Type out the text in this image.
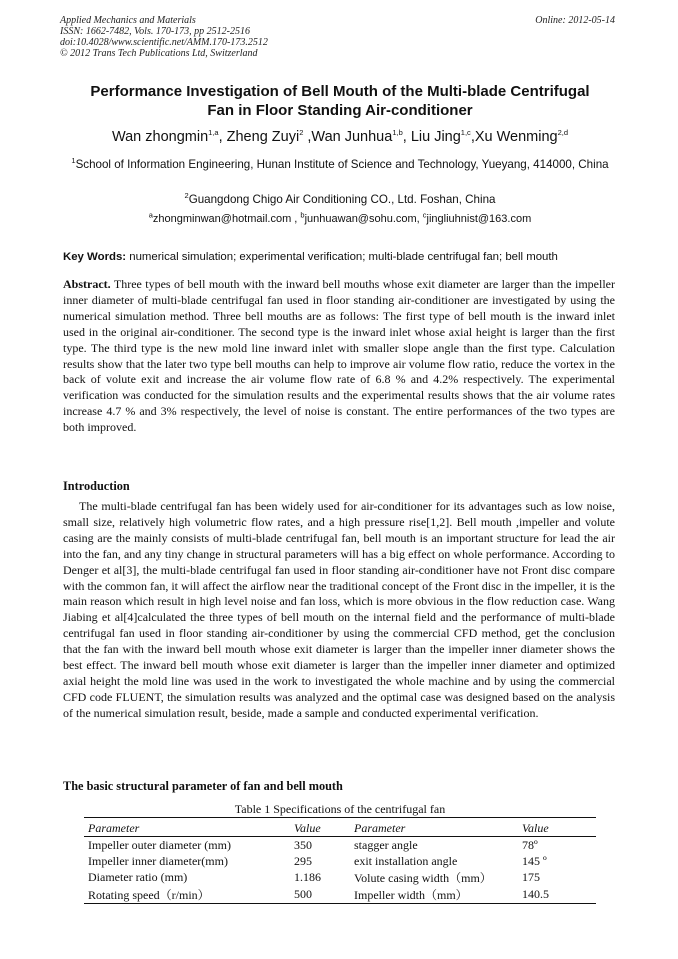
Applied Mechanics and Materials
ISSN: 1662-7482, Vols. 170-173, pp 2512-2516
doi:10.4028/www.scientific.net/AMM.170-173.2512
© 2012 Trans Tech Publications Ltd, Switzerland
Online: 2012-05-14
Performance Investigation of Bell Mouth of the Multi-blade Centrifugal
Fan in Floor Standing Air-conditioner
Wan zhongmin$^{1,a}$, Zheng Zuyi$^2$ ,Wan Junhua$^{1,b}$, Liu Jing$^{1,c}$,Xu Wenming$^{2,d}$
$^1$School of Information Engineering, Hunan Institute of Science and Technology, Yueyang, 414000, China
$^2$Guangdong Chigo Air Conditioning CO., Ltd. Foshan, China
$^a$zhongminwan@hotmail.com , $^b$junhuawan@sohu.com, $^c$jingliuhnist@163.com
Key Words: numerical simulation; experimental verification; multi-blade centrifugal fan; bell mouth
Abstract. Three types of bell mouth with the inward bell mouths whose exit diameter are larger than the impeller inner diameter of multi-blade centrifugal fan used in floor standing air-conditioner are investigated by using the numerical simulation method. Three bell mouths are as follows: The first type of bell mouth is the inward inlet used in the original air-conditioner. The second type is the inward inlet whose axial height is larger than the first type. The third type is the new mold line inward inlet with smaller slope angle than the first type. Calculation results show that the later two type bell mouths can help to improve air volume flow ratio, reduce the vortex in the back of volute exit and increase the air volume flow rate of 6.8 % and 4.2% respectively. The experimental verification was conducted for the simulation results and the experimental results shows that the air volume rates increase 4.7 % and 3% respectively, the level of noise is constant. The entire performances of the two types are both improved.
Introduction
The multi-blade centrifugal fan has been widely used for air-conditioner for its advantages such as low noise, small size, relatively high volumetric flow rates, and a high pressure rise[1,2]. Bell mouth ,impeller and volute casing are the mainly consists of multi-blade centrifugal fan, bell mouth is an important structure for lead the air into the fan, and any tiny change in structural parameters will has a big effect on whole performance. According to Denger et al[3], the multi-blade centrifugal fan used in floor standing air-conditioner have not Front disc compare with the common fan, it will affect the airflow near the traditional concept of the Front disc in the impeller, it is the main reason which result in high level noise and fan loss, which is more obvious in the flow reduction case. Wang Jiabing et al[4]calculated the three types of bell mouth on the internal field and the performance of multi-blade centrifugal fan used in floor standing air-conditioner by using the commercial CFD method, get the conclusion that the fan with the inward bell mouth whose exit diameter is larger than the impeller inner diameter shows the best effect. The inward bell mouth whose exit diameter is larger than the impeller inner diameter and optimized axial height the mold line was used in the work to investigated the whole machine and by using the commercial CFD code FLUENT, the simulation results was analyzed and the optimal case was designed based on the analysis of the numerical simulation result, beside, made a sample and conducted experimental verification.
The basic structural parameter of fan and bell mouth
Table 1 Specifications of the centrifugal fan
Parameter	Value	Parameter	Value
Impeller outer diameter (mm)	350	stagger angle	78º
Impeller inner diameter(mm)	295	exit installation angle	145 º
Diameter ratio (mm)	1.186	Volute casing width（mm）	175
Rotating speed（r/min）	500	Impeller width（mm）	140.5
